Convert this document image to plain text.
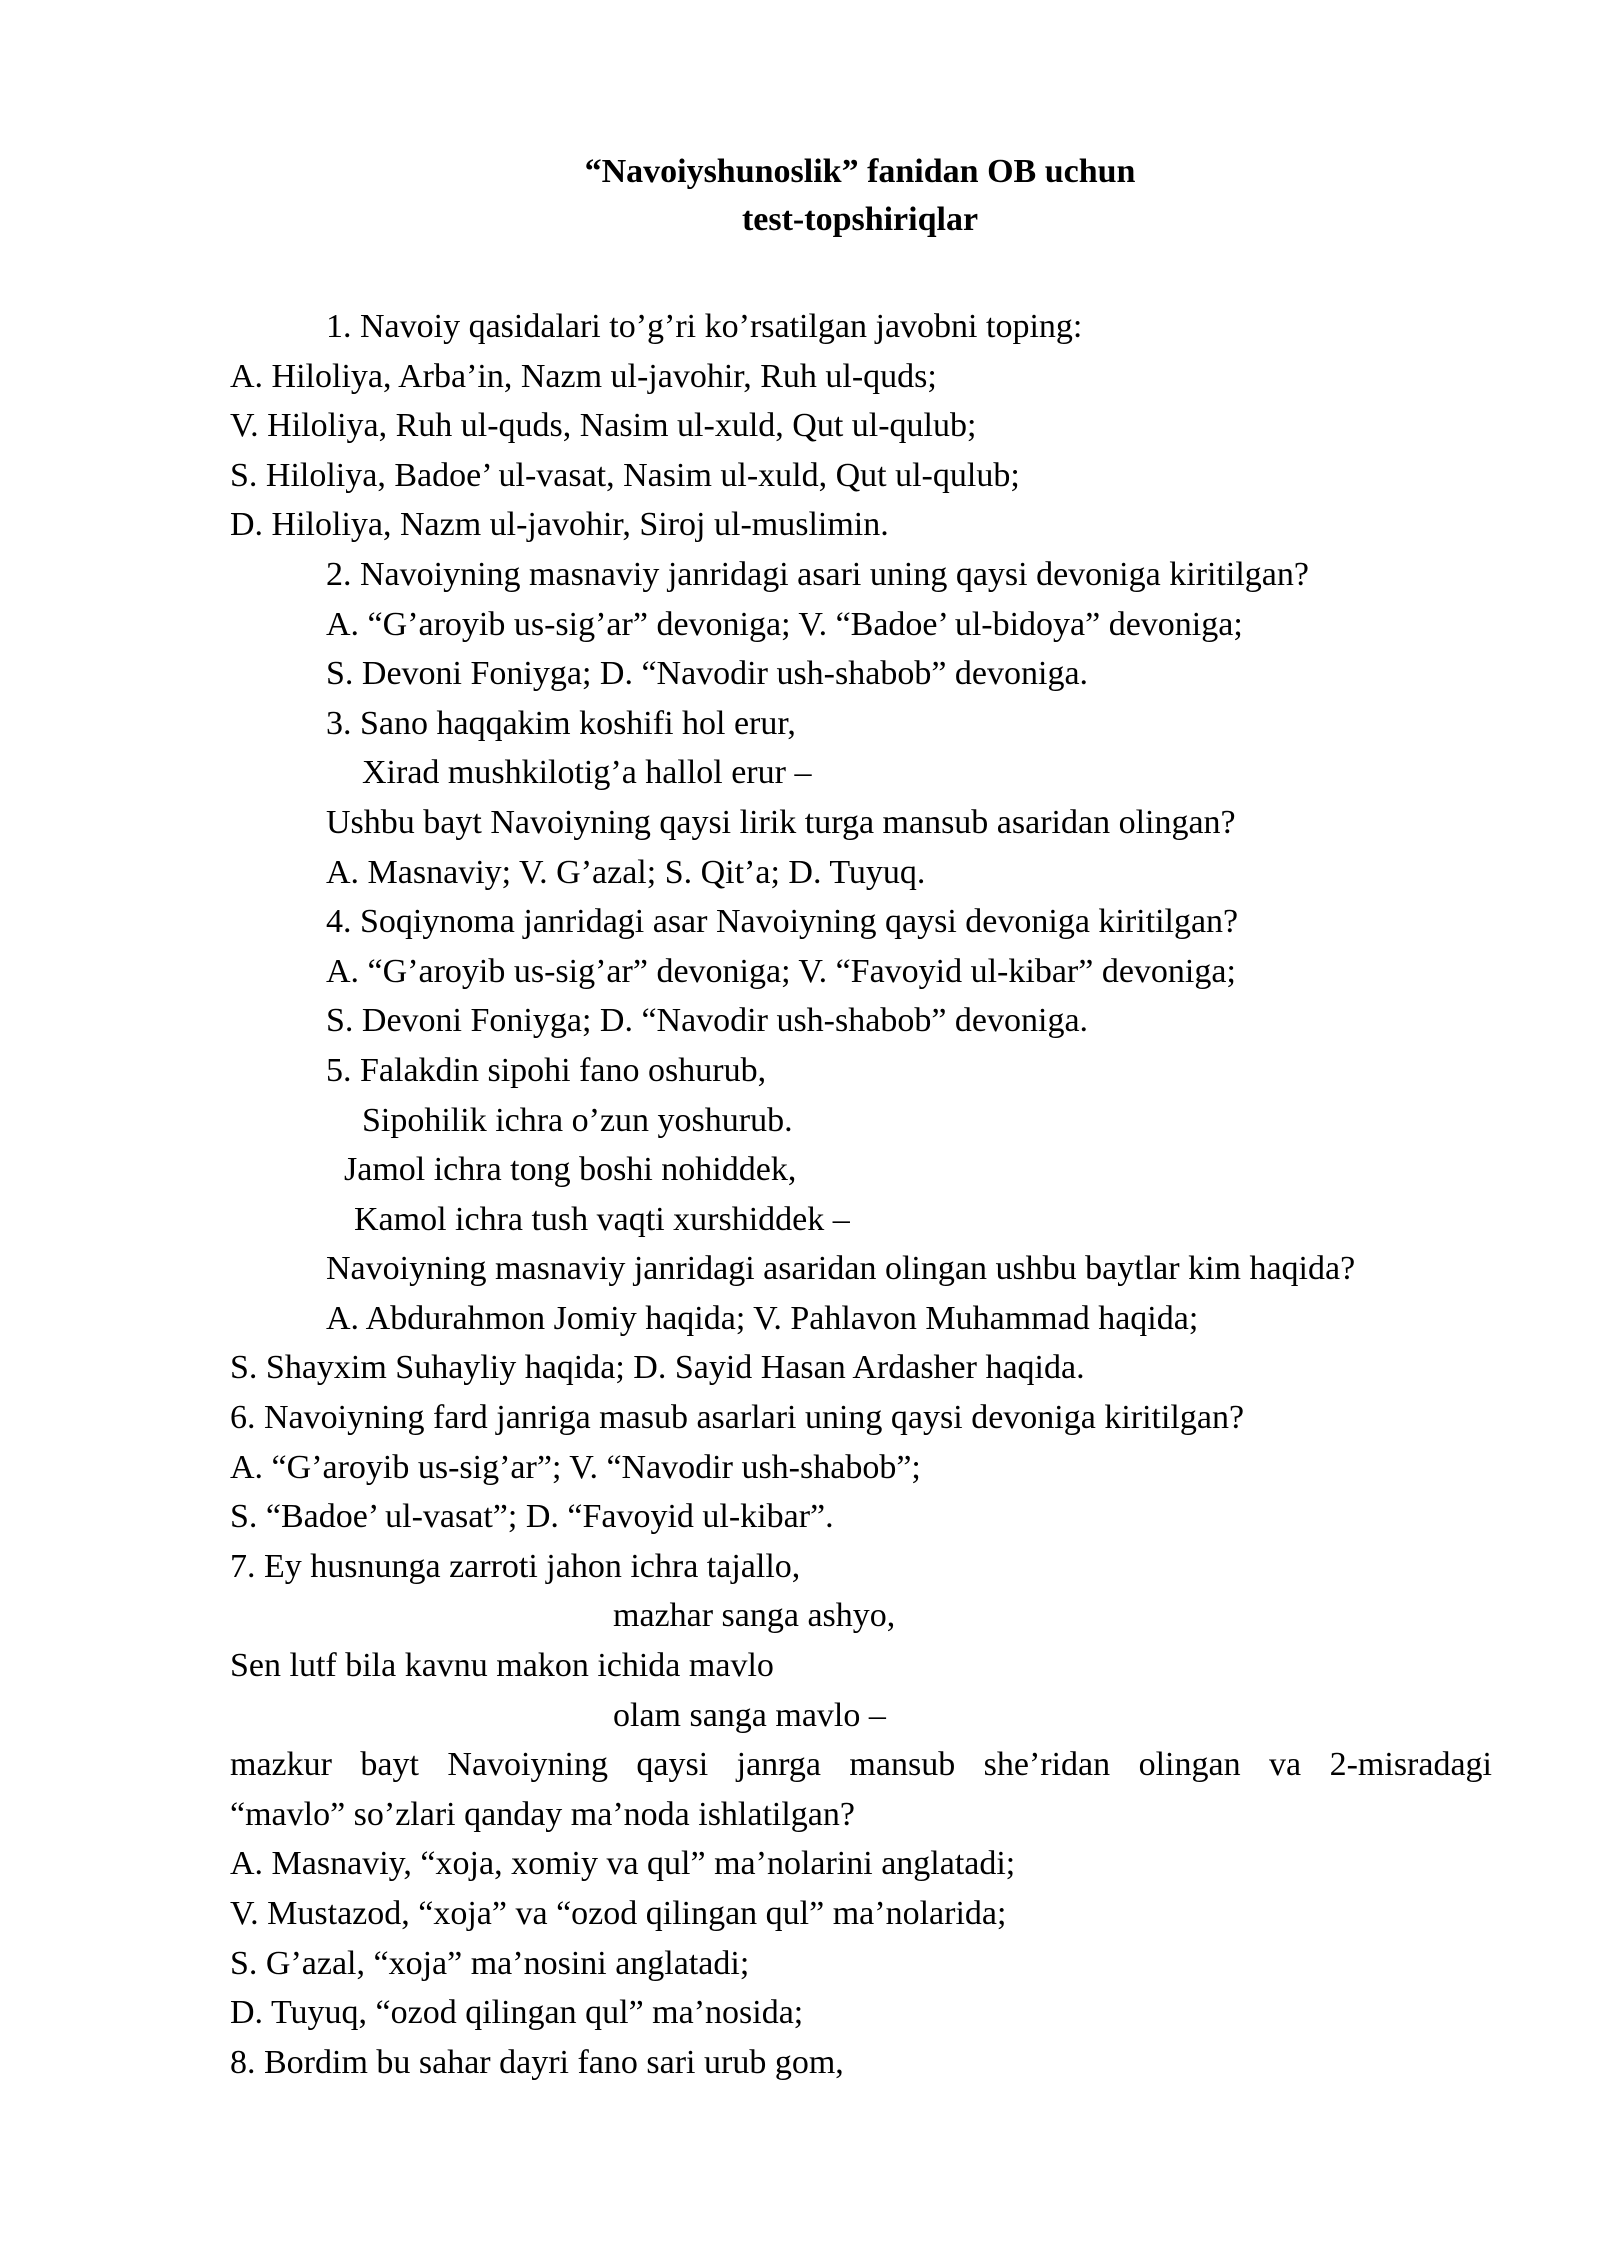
“Navoiyshunoslik” fanidan OB uchun
test-topshiriqlar
1. Navoiy qasidalari to’g’ri ko’rsatilgan javobni toping:
A. Hiloliya, Arba’in, Nazm ul-javohir, Ruh ul-quds;
V. Hiloliya, Ruh ul-quds, Nasim ul-xuld, Qut ul-qulub;
S. Hiloliya, Badoe’ ul-vasat, Nasim ul-xuld, Qut ul-qulub;
D. Hiloliya, Nazm ul-javohir, Siroj ul-muslimin.
2. Navoiyning masnaviy janridagi asari uning qaysi devoniga kiritilgan?
A. “G’aroyib us-sig’ar” devoniga; V. “Badoe’ ul-bidoya” devoniga;
S. Devoni Foniyga; D. “Navodir ush-shabob” devoniga.
3. Sano haqqakim koshifi hol erur,
Xirad mushkilotig’a hallol erur –
Ushbu bayt Navoiyning qaysi lirik turga mansub asaridan olingan?
A. Masnaviy; V. G’azal; S. Qit’a; D. Tuyuq.
4. Soqiynoma janridagi asar Navoiyning qaysi devoniga kiritilgan?
A. “G’aroyib us-sig’ar” devoniga; V. “Favoyid ul-kibar” devoniga;
S. Devoni Foniyga; D. “Navodir ush-shabob” devoniga.
5. Falakdin sipohi fano oshurub,
Sipohilik ichra o’zun yoshurub.
Jamol ichra tong boshi nohiddek,
Kamol ichra tush vaqti xurshiddek –
Navoiyning masnaviy janridagi asaridan olingan ushbu baytlar kim haqida?
A. Abdurahmon Jomiy haqida; V. Pahlavon Muhammad haqida;
S. Shayxim Suhayliy haqida; D. Sayid Hasan Ardasher haqida.
6. Navoiyning fard janriga masub asarlari uning qaysi devoniga kiritilgan?
A. “G’aroyib us-sig’ar”; V. “Navodir ush-shabob”;
S. “Badoe’ ul-vasat”; D. “Favoyid ul-kibar”.
7. Ey husnunga zarroti jahon ichra tajallo,
mazhar sanga ashyo,
Sen lutf bila kavnu makon ichida mavlo
olam sanga mavlo –
mazkur bayt Navoiyning qaysi janrga mansub she’ridan olingan va 2-misradagi
“mavlo” so’zlari qanday ma’noda ishlatilgan?
A. Masnaviy, “xoja, xomiy va qul” ma’nolarini anglatadi;
V. Mustazod, “xoja” va “ozod qilingan qul” ma’nolarida;
S. G’azal, “xoja” ma’nosini anglatadi;
D. Tuyuq, “ozod qilingan qul” ma’nosida;
8. Bordim bu sahar dayri fano sari urub gom,
